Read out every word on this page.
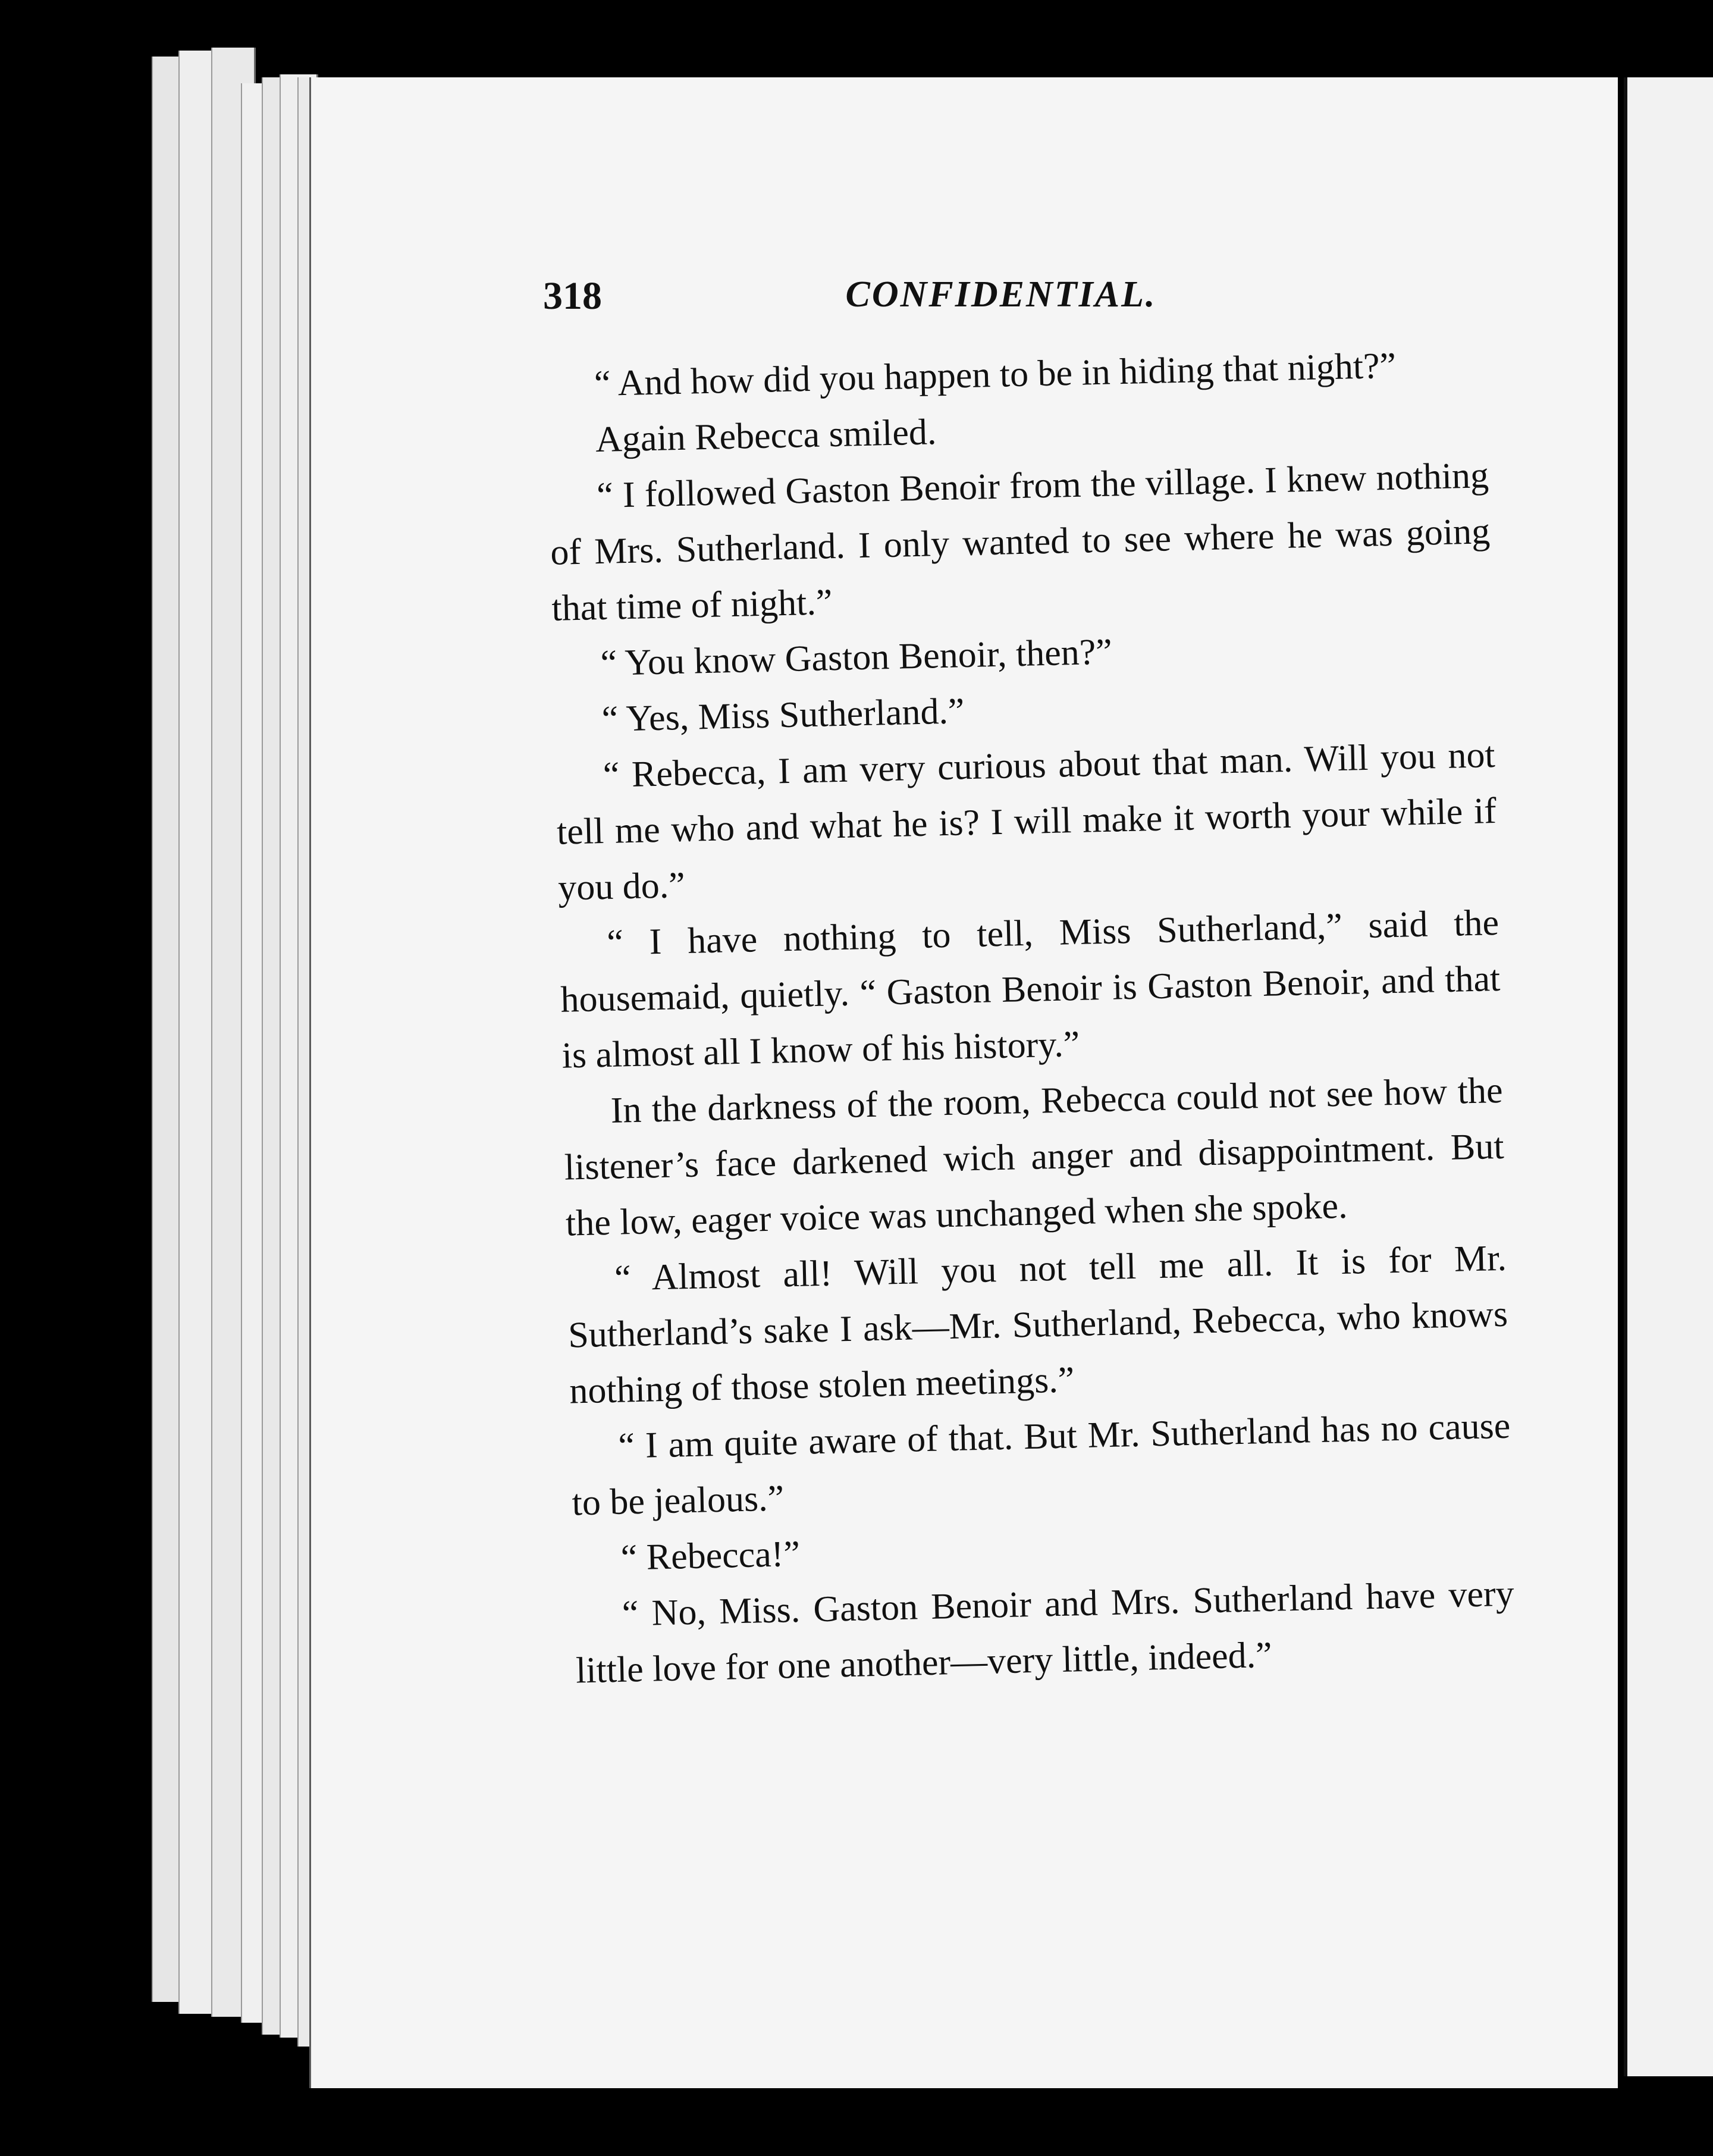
318	CONFIDENTIAL.

“ And how did you happen to be in hiding that night?”

Again Rebecca smiled.

“ I followed Gaston Benoir from the village. I knew nothing of Mrs. Sutherland. I only wanted to see where he was going that time of night.”

“ You know Gaston Benoir, then?”

“ Yes, Miss Sutherland.”

“ Rebecca, I am very curious about that man. Will you not tell me who and what he is? I will make it worth your while if you do.”

“ I have nothing to tell, Miss Sutherland,” said the housemaid, quietly. “ Gaston Benoir is Gaston Benoir, and that is almost all I know of his history.”

In the darkness of the room, Rebecca could not see how the listener’s face darkened wich anger and disappointment. But the low, eager voice was unchanged when she spoke.

“ Almost all! Will you not tell me all. It is for Mr. Sutherland’s sake I ask—Mr. Sutherland, Rebecca, who knows nothing of those stolen meetings.”

“ I am quite aware of that. But Mr. Sutherland has no cause to be jealous.”

“ Rebecca!”

“ No, Miss. Gaston Benoir and Mrs. Sutherland have very little love for one another—very little, indeed.”
